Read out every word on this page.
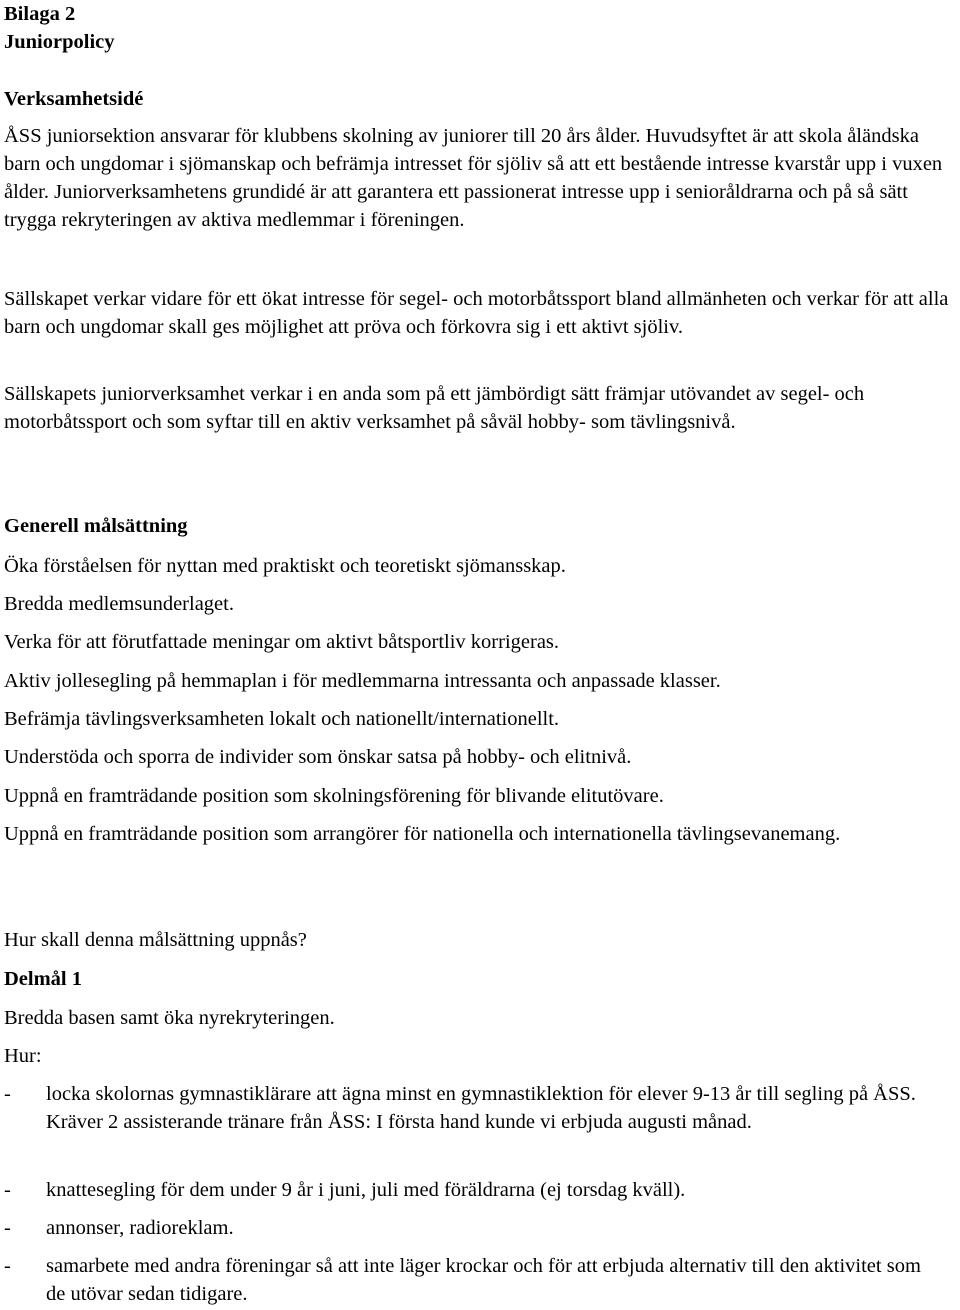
Bilaga 2
Juniorpolicy
Verksamhetsidé

ÅSS juniorsektion ansvarar för klubbens skolning av juniorer till 20 års ålder. Huvudsyftet är att skola åländska barn och ungdomar i sjömanskap och befrämja intresset för sjöliv så att ett bestående intresse kvarstår upp i vuxen ålder. Juniorverksamhetens grundidé är att garantera ett passionerat intresse upp i senioråldrarna och på så sätt trygga rekryteringen av aktiva medlemmar i föreningen.

Sällskapet verkar vidare för ett ökat intresse för segel- och motorbåtssport bland allmänheten och verkar för att alla barn och ungdomar skall ges möjlighet att pröva och förkovra sig i ett aktivt sjöliv.

Sällskapets juniorverksamhet verkar i en anda som på ett jämbördigt sätt främjar utövandet av segel- och motorbåtssport och som syftar till en aktiv verksamhet på såväl hobby- som tävlingsnivå.

Generell målsättning
Öka förståelsen för nyttan med praktiskt och teoretiskt sjömansskap.
Bredda medlemsunderlaget.
Verka för att förutfattade meningar om aktivt båtsportliv korrigeras.
Aktiv jollesegling på hemmaplan i för medlemmarna intressanta och anpassade klasser.
Befrämja tävlingsverksamheten lokalt och nationellt/internationellt.
Understöda och sporra de individer som önskar satsa på hobby- och elitnivå.
Uppnå en framträdande position som skolningsförening för blivande elitutövare.
Uppnå en framträdande position som arrangörer för nationella och internationella tävlingsevanemang.
Hur skall denna målsättning uppnås?
Delmål 1
Bredda basen samt öka nyrekryteringen.
Hur:
-	locka skolornas gymnastiklärare att ägna minst en gymnastiklektion för elever 9-13 år till segling på ÅSS. Kräver 2 assisterande tränare från ÅSS: I första hand kunde vi erbjuda augusti månad.
-	knattesegling för dem under 9 år i juni, juli med föräldrarna (ej torsdag kväll).
-	annonser, radioreklam.
-	samarbete med andra föreningar så att inte läger krockar och för att erbjuda alternativ till den aktivitet som de utövar sedan tidigare.
